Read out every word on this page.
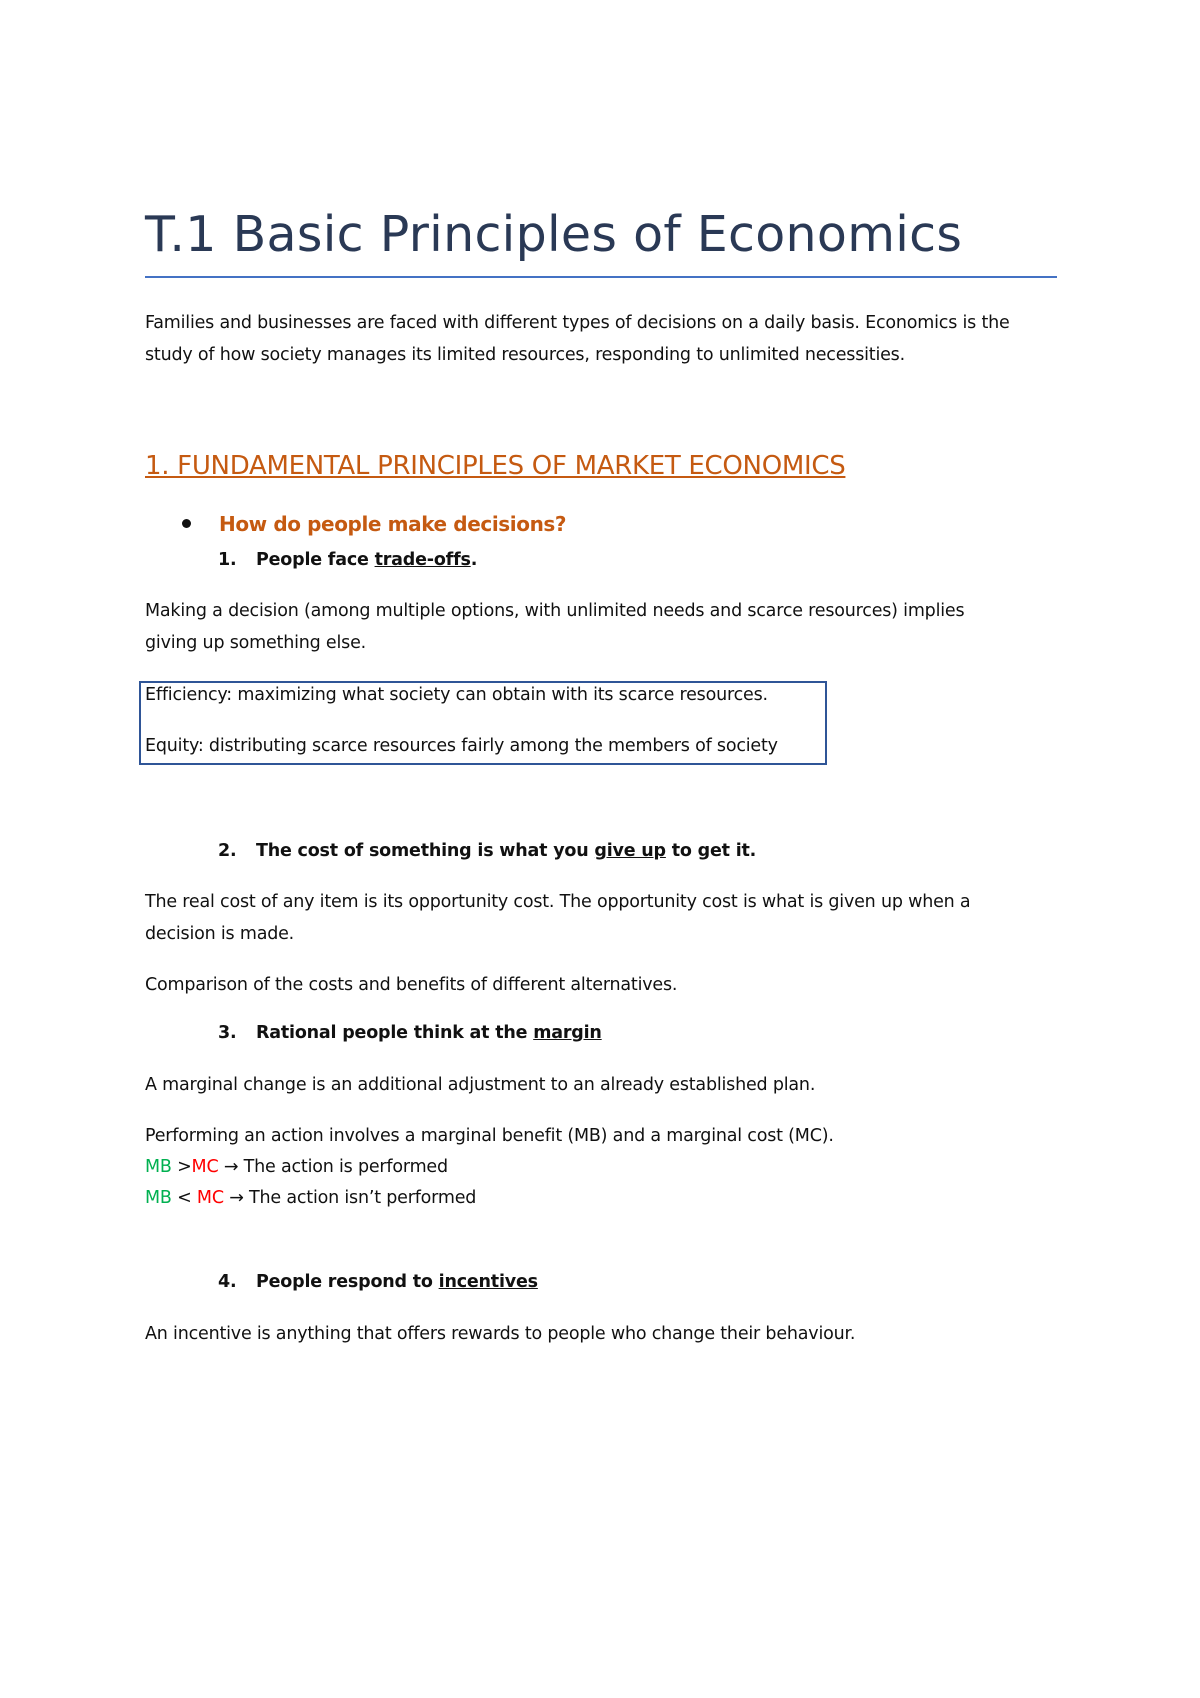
T.1 Basic Principles of Economics
Families and businesses are faced with different types of decisions on a daily basis. Economics is the
study of how society manages its limited resources, responding to unlimited necessities.
1. FUNDAMENTAL PRINCIPLES OF MARKET ECONOMICS
How do people make decisions?
1. People face trade-offs.
Making a decision (among multiple options, with unlimited needs and scarce resources) implies
giving up something else.
Efficiency: maximizing what society can obtain with its scarce resources.
Equity: distributing scarce resources fairly among the members of society
2. The cost of something is what you give up to get it.
The real cost of any item is its opportunity cost. The opportunity cost is what is given up when a
decision is made.
Comparison of the costs and benefits of different alternatives.
3. Rational people think at the margin
A marginal change is an additional adjustment to an already established plan.
Performing an action involves a marginal benefit (MB) and a marginal cost (MC).
MB >MC → The action is performed
MB < MC → The action isn’t performed
4. People respond to incentives
An incentive is anything that offers rewards to people who change their behaviour.
